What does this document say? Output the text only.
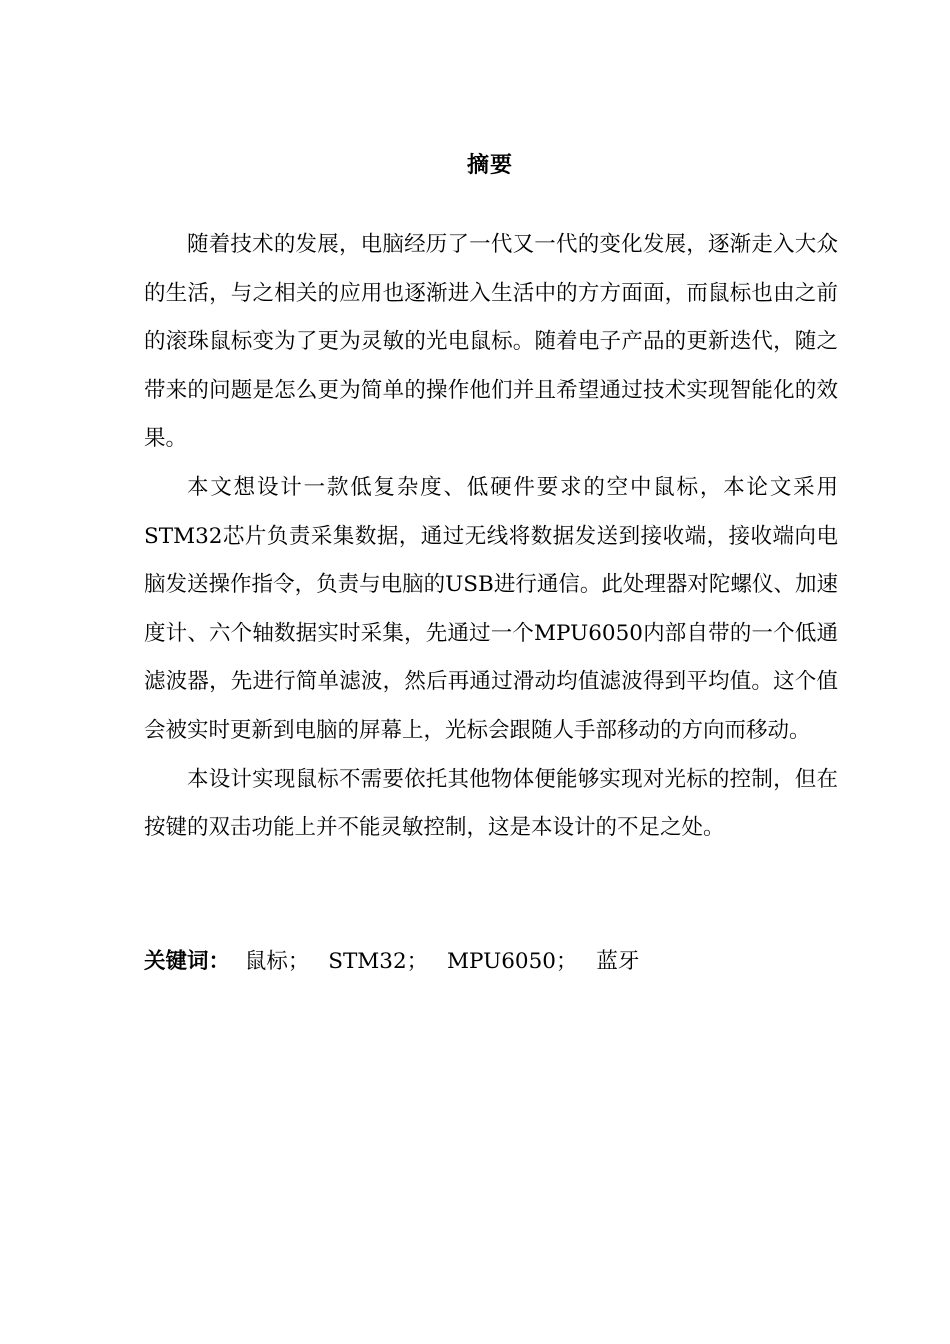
摘要

随着技术的发展，电脑经历了一代又一代的变化发展，逐渐走入大众的生活，与之相关的应用也逐渐进入生活中的方方面面，而鼠标也由之前的滚珠鼠标变为了更为灵敏的光电鼠标。随着电子产品的更新迭代，随之带来的问题是怎么更为简单的操作他们并且希望通过技术实现智能化的效果。

本文想设计一款低复杂度、低硬件要求的空中鼠标，本论文采用STM32芯片负责采集数据，通过无线将数据发送到接收端，接收端向电脑发送操作指令，负责与电脑的USB进行通信。此处理器对陀螺仪、加速度计、六个轴数据实时采集，先通过一个MPU6050内部自带的一个低通滤波器，先进行简单滤波，然后再通过滑动均值滤波得到平均值。这个值会被实时更新到电脑的屏幕上，光标会跟随人手部移动的方向而移动。

本设计实现鼠标不需要依托其他物体便能够实现对光标的控制，但在按键的双击功能上并不能灵敏控制，这是本设计的不足之处。

关键词： 鼠标； STM32； MPU6050； 蓝牙
